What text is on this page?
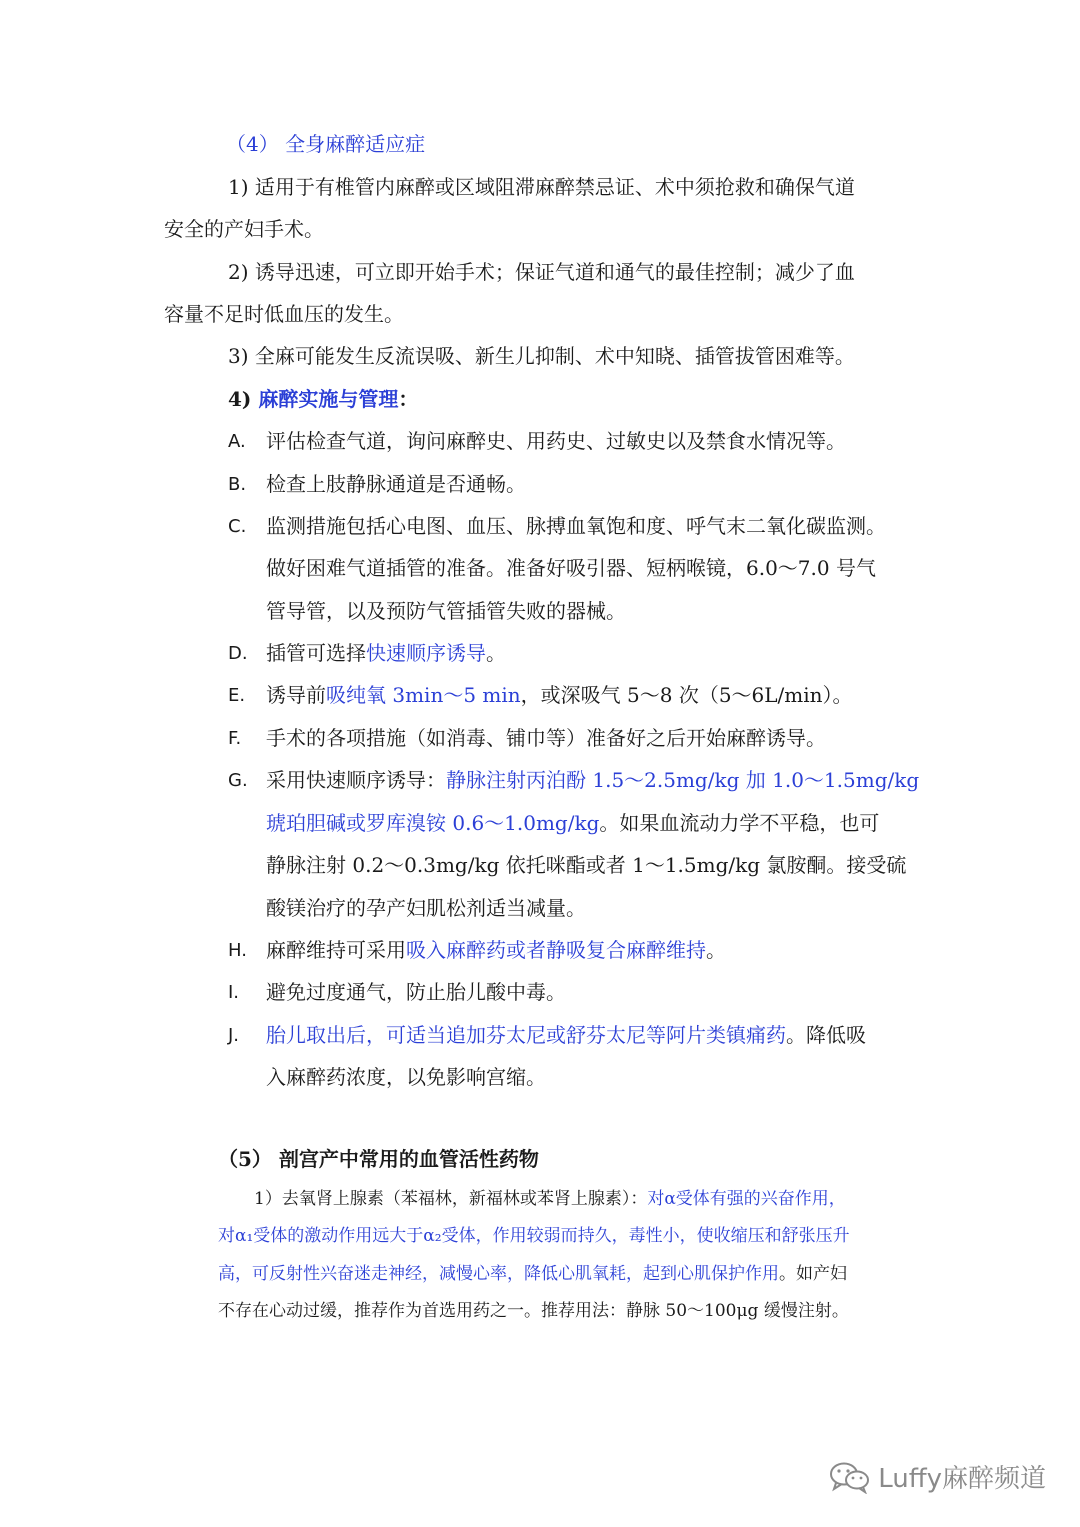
（4） 全身麻醉适应症
1) 适用于有椎管内麻醉或区域阻滞麻醉禁忌证、术中须抢救和确保气道
安全的产妇手术。
2) 诱导迅速，可立即开始手术；保证气道和通气的最佳控制；减少了血
容量不足时低血压的发生。
3) 全麻可能发生反流误吸、新生儿抑制、术中知晓、插管拔管困难等。
4) 麻醉实施与管理：
A. 评估检查气道，询问麻醉史、用药史、过敏史以及禁食水情况等。
B. 检查上肢静脉通道是否通畅。
C. 监测措施包括心电图、血压、脉搏血氧饱和度、呼气末二氧化碳监测。
做好困难气道插管的准备。准备好吸引器、短柄喉镜，6.0～7.0 号气
管导管，以及预防气管插管失败的器械。
D. 插管可选择快速顺序诱导。
E. 诱导前吸纯氧 3min～5 min，或深吸气 5～8 次（5～6L/min）。
F. 手术的各项措施（如消毒、铺巾等）准备好之后开始麻醉诱导。
G. 采用快速顺序诱导：静脉注射丙泊酚 1.5～2.5mg/kg 加 1.0～1.5mg/kg
琥珀胆碱或罗库溴铵 0.6～1.0mg/kg。如果血流动力学不平稳，也可
静脉注射 0.2～0.3mg/kg 依托咪酯或者 1～1.5mg/kg 氯胺酮。接受硫
酸镁治疗的孕产妇肌松剂适当减量。
H. 麻醉维持可采用吸入麻醉药或者静吸复合麻醉维持。
I. 避免过度通气，防止胎儿酸中毒。
J. 胎儿取出后，可适当追加芬太尼或舒芬太尼等阿片类镇痛药。降低吸
入麻醉药浓度，以免影响宫缩。
（5） 剖宫产中常用的血管活性药物
1）去氧肾上腺素（苯福林，新福林或苯肾上腺素）：对α受体有强的兴奋作用，
对α₁受体的激动作用远大于α₂受体，作用较弱而持久，毒性小，使收缩压和舒张压升
高，可反射性兴奋迷走神经，减慢心率，降低心肌氧耗，起到心肌保护作用。如产妇
不存在心动过缓，推荐作为首选用药之一。推荐用法：静脉 50～100μg 缓慢注射。
Luffy麻醉频道
